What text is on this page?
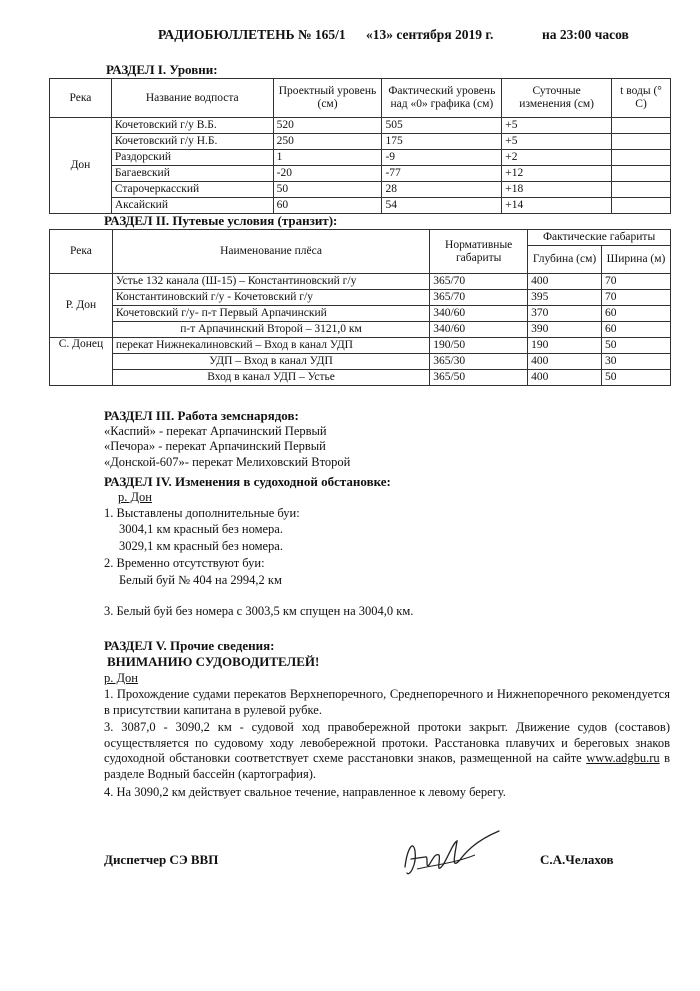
РАДИОБЮЛЛЕТЕНЬ № 165/1 «13» сентября 2019 г.	на 23:00 часов
РАЗДЕЛ I. Уровни:
Река	Название водпоста	Проектный уровень (см)	Фактический уровень над «0» графика (см)	Суточные изменения (см)	t воды (° С)
Дон	Кочетовский г/у В.Б.	520	505	+5	
	Кочетовский г/у Н.Б.	250	175	+5	
	Раздорский	1	-9	+2	
	Багаевский	-20	-77	+12	
	Старочеркасский	50	28	+18	
	Аксайский	60	54	+14	
РАЗДЕЛ II. Путевые условия (транзит):
Река	Наименование плёса	Нормативные габариты	Фактические габариты	
			Глубина (см)	Ширина (м)
Р. Дон	Устье 132 канала (Ш-15) – Константиновский г/у	365/70	400	70
	Константиновский г/у - Кочетовский г/у	365/70	395	70
	Кочетовский г/у- п-т Первый Арпачинский	340/60	370	60
	п-т Арпачинский Второй – 3121,0 км	340/60	390	60
С. Донец	перекат Нижнекалиновский – Вход в канал УДП	190/50	190	50
	УДП – Вход в канал УДП	365/30	400	30
	Вход в канал УДП – Устье	365/50	400	50
РАЗДЕЛ III. Работа земснарядов:
«Каспий» - перекат Арпачинский Первый
«Печора» - перекат Арпачинский Первый
«Донской-607»- перекат Мелиховский Второй
РАЗДЕЛ IV. Изменения в судоходной обстановке:
р. Дон
1. Выставлены дополнительные буи:
3004,1 км красный без номера.
3029,1 км красный без номера.
2. Временно отсутствуют буи:
Белый буй № 404 на 2994,2 км
3. Белый буй без номера с 3003,5 км спущен на 3004,0 км.
РАЗДЕЛ V. Прочие сведения:
ВНИМАНИЮ СУДОВОДИТЕЛЕЙ!
р. Дон
1. Прохождение судами перекатов Верхнепоречного, Среднепоречного и Нижнепоречного рекомендуется в присутствии капитана в рулевой рубке.
3. 3087,0 - 3090,2 км - судовой ход правобережной протоки закрыт. Движение судов (составов) осуществляется по судовому ходу левобережной протоки. Расстановка плавучих и береговых знаков судоходной обстановки соответствует схеме расстановки знаков, размещенной на сайте www.adgbu.ru в разделе Водный бассейн (картография).
4. На 3090,2 км действует свальное течение, направленное к левому берегу.
Диспетчер СЭ ВВП	С.А.Челахов
